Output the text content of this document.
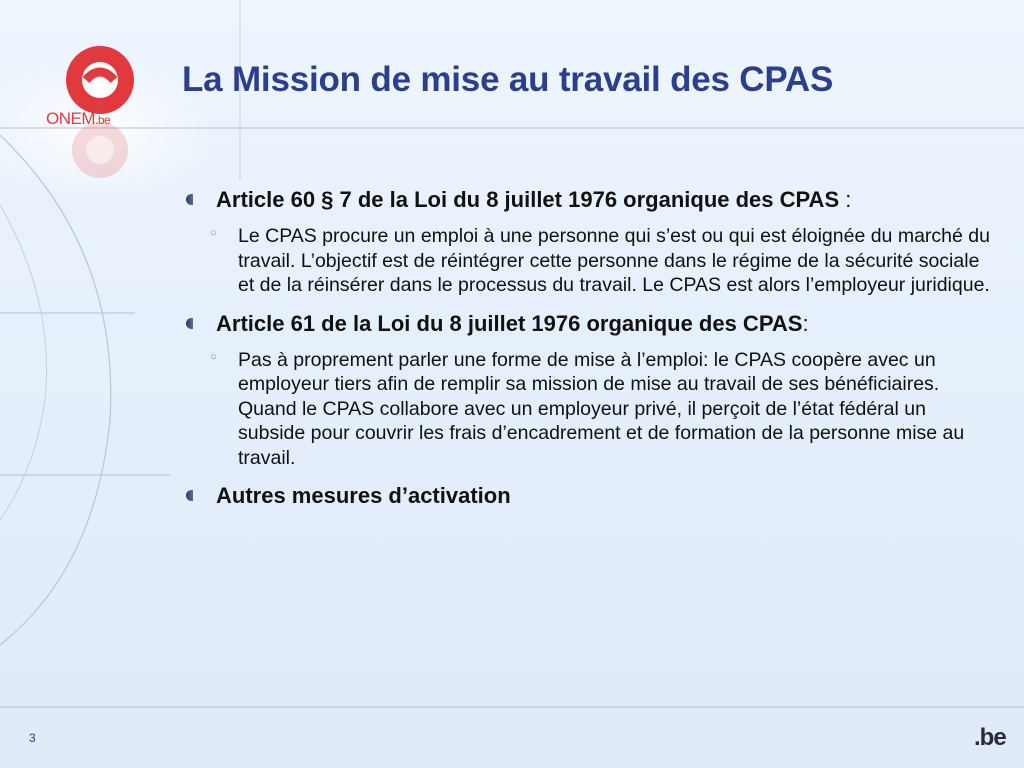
ONEM.be
La Mission de mise au travail des CPAS
Article 60 § 7 de la Loi du 8 juillet 1976 organique des CPAS :
○ Le CPAS procure un emploi à une personne qui s’est ou qui est éloignée du marché du travail. L’objectif est de réintégrer cette personne dans le régime de la sécurité sociale et de la réinsérer dans le processus du travail. Le CPAS est alors l’employeur juridique.
Article 61 de la Loi du 8 juillet 1976 organique des CPAS:
○ Pas à proprement parler une forme de mise à l’emploi: le CPAS coopère avec un employeur tiers afin de remplir sa mission de mise au travail de ses bénéficiaires. Quand le CPAS collabore avec un employeur privé, il perçoit de l’état fédéral un subside pour couvrir les frais d’encadrement et de formation de la personne mise au travail.
Autres mesures d’activation
3	.be
